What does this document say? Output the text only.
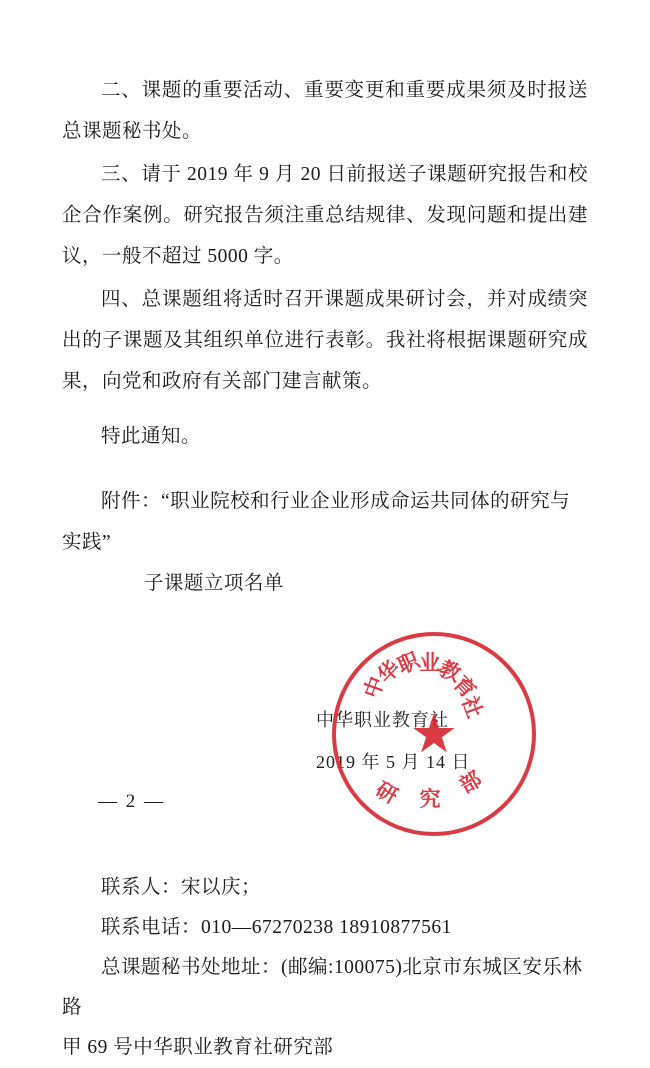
二、课题的重要活动、重要变更和重要成果须及时报送总课题秘书处。

三、请于 2019 年 9 月 20 日前报送子课题研究报告和校企合作案例。研究报告须注重总结规律、发现问题和提出建议，一般不超过 5000 字。

四、总课题组将适时召开课题成果研讨会，并对成绩突出的子课题及其组织单位进行表彰。我社将根据课题研究成果，向党和政府有关部门建言献策。

特此通知。

附件：“职业院校和行业企业形成命运共同体的研究与实践”

子课题立项名单

中华职业教育社
2019 年 5 月 14 日
★
中
华
职
业
教
育
社
研 究
部

联系人：宋以庆；

联系电话：010—67270238 18910877561

总课题秘书处地址：(邮编:100075)北京市东城区安乐林路

甲 69 号中华职业教育社研究部

— 2 —
